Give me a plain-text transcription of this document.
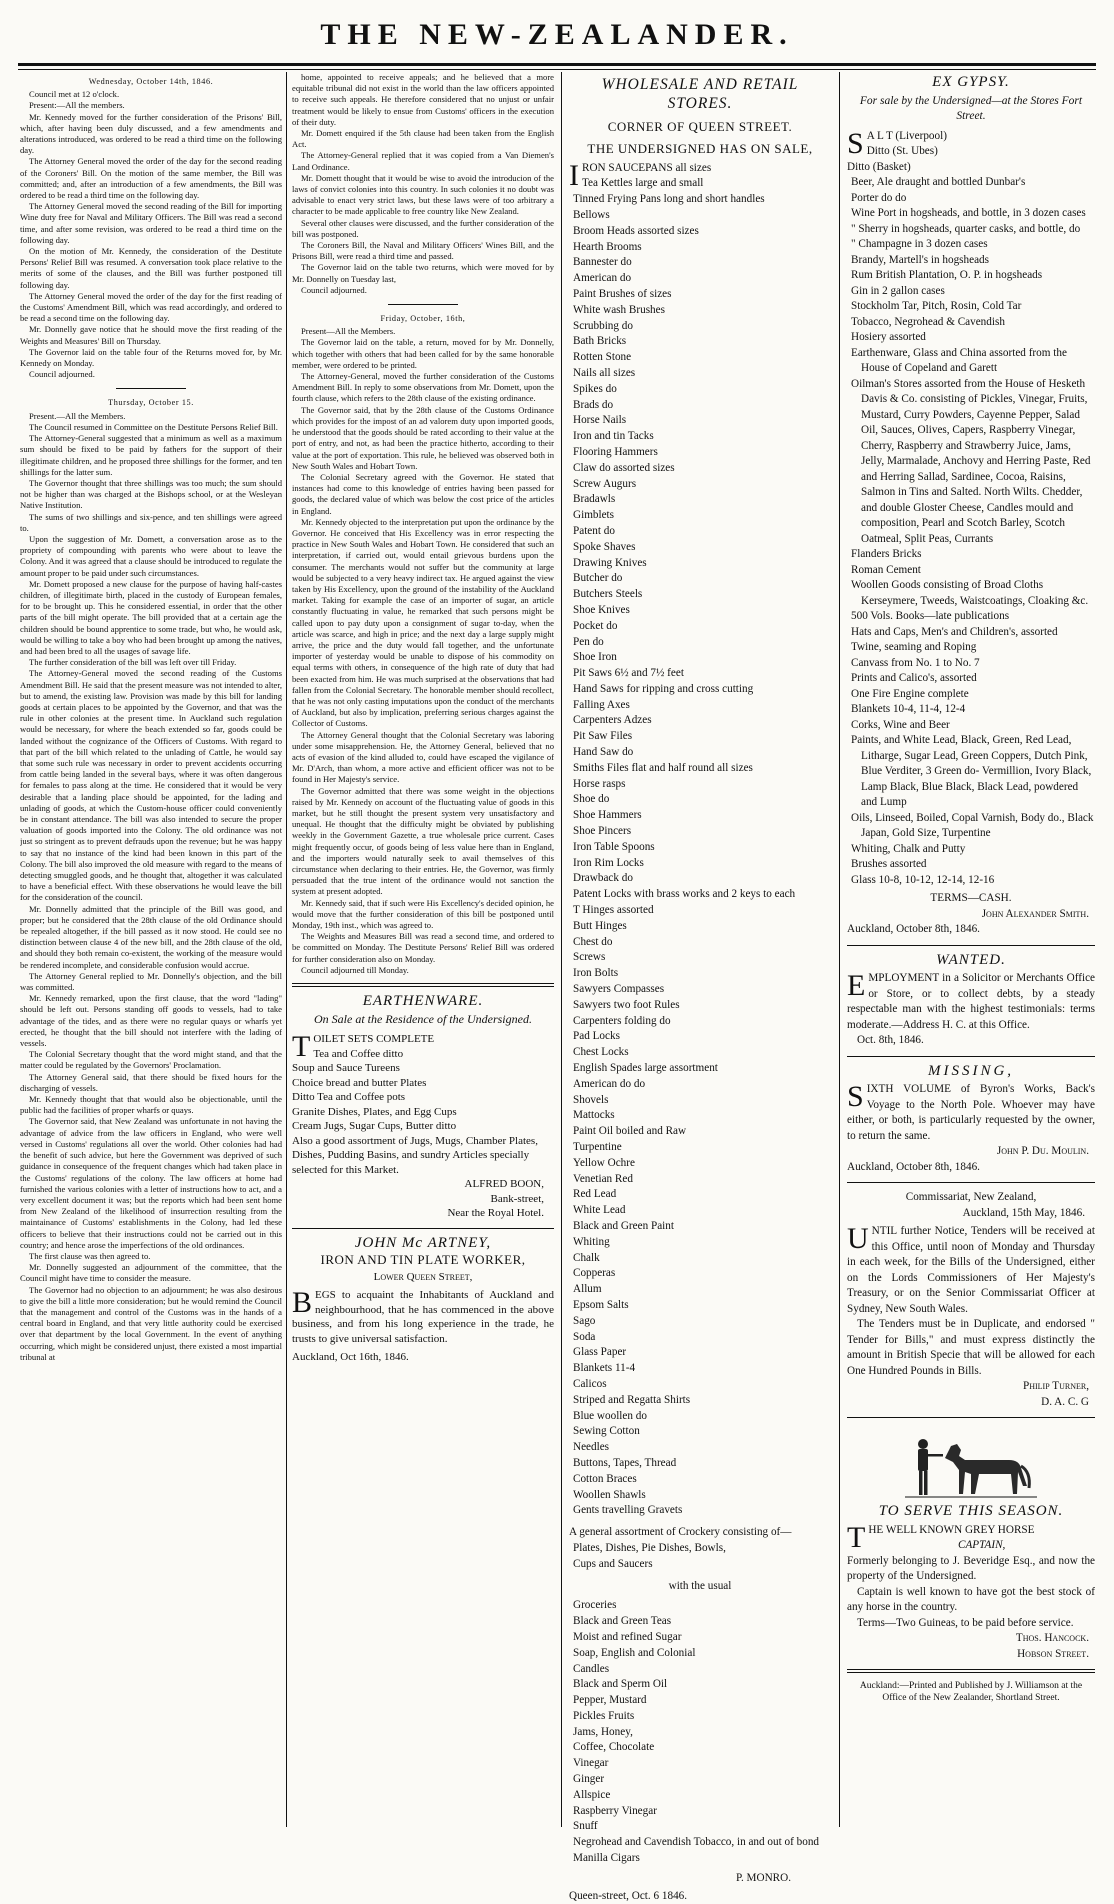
THE NEW-ZEALANDER.
Wednesday, October 14th, 1846.

Council met at 12 o'clock.

Present:—All the members.

Mr. Kennedy moved for the further consideration of the Prisons' Bill, which, after having been duly discussed, and a few amendments and alterations introduced, was ordered to be read a third time on the following day.

The Attorney General moved the order of the day for the second reading of the Coroners' Bill. On the motion of the same member, the Bill was committed; and, after an introduction of a few amendments, the Bill was ordered to be read a third time on the following day.

The Attorney General moved the second reading of the Bill for importing Wine duty free for Naval and Military Officers. The Bill was read a second time, and after some revision, was ordered to be read a third time on the following day.

On the motion of Mr. Kennedy, the consideration of the Destitute Persons' Relief Bill was resumed. A conversation took place relative to the merits of some of the clauses, and the Bill was further postponed till following day.

The Attorney General moved the order of the day for the first reading of the Customs' Amendment Bill, which was read accordingly, and ordered to be read a second time on the following day.

Mr. Donnelly gave notice that he should move the first reading of the Weights and Measures' Bill on Thursday.

The Governor laid on the table four of the Returns moved for, by Mr. Kennedy on Monday.

Council adjourned.

Thursday, October 15.

Present.—All the Members.

The Council resumed in Committee on the Destitute Persons Relief Bill.

The Attorney-General suggested that a minimum as well as a maximum sum should be fixed to be paid by fathers for the support of their illegitimate children, and he proposed three shillings for the former, and ten shillings for the latter sum.

The Governor thought that three shillings was too much; the sum should not be higher than was charged at the Bishops school, or at the Wesleyan Native Institution.

The sums of two shillings and six-pence, and ten shillings were agreed to.

Upon the suggestion of Mr. Domett, a conversation arose as to the propriety of compounding with parents who were about to leave the Colony. And it was agreed that a clause should be introduced to regulate the amount proper to be paid under such circumstances.

Mr. Domett proposed a new clause for the purpose of having half-castes children, of illegitimate birth, placed in the custody of European females, for to be brought up. This he considered essential, in order that the other parts of the bill might operate. The bill provided that at a certain age the children should be bound apprentice to some trade, but who, he would ask, would be willing to take a boy who had been brought up among the natives, and had been bred to all the usages of savage life.

The further consideration of the bill was left over till Friday.

The Attorney-General moved the second reading of the Customs Amendment Bill. He said that the present measure was not intended to alter, but to amend, the existing law. Provision was made by this bill for landing goods at certain places to be appointed by the Governor, and that was the rule in other colonies at the present time. In Auckland such regulation would be necessary, for where the beach extended so far, goods could be landed without the cognizance of the Officers of Customs. With regard to that part of the bill which related to the unlading of Cattle, he would say that some such rule was necessary in order to prevent accidents occurring from cattle being landed in the several bays, where it was often dangerous for females to pass along at the time. He considered that it would be very desirable that a landing place should be appointed, for the lading and unlading of goods, at which the Custom-house officer could conveniently be in constant attendance. The bill was also intended to secure the proper valuation of goods imported into the Colony. The old ordinance was not just so stringent as to prevent defrauds upon the revenue; but he was happy to say that no instance of the kind had been known in this part of the Colony. The bill also improved the old measure with regard to the means of detecting smuggled goods, and he thought that, altogether it was calculated to have a beneficial effect. With these observations he would leave the bill for the consideration of the council.

Mr. Donnelly admitted that the principle of the Bill was good, and proper; but he considered that the 28th clause of the old Ordinance should be repealed altogether, if the bill passed as it now stood. He could see no distinction between clause 4 of the new bill, and the 28th clause of the old, and should they both remain co-existent, the working of the measure would be rendered incomplete, and considerable confusion would accrue.

The Attorney General replied to Mr. Donnelly's objection, and the bill was committed.

Mr. Kennedy remarked, upon the first clause, that the word "lading" should be left out. Persons standing off goods to vessels, had to take advantage of the tides, and as there were no regular quays or wharfs yet erected, he thought that the bill should not interfere with the lading of vessels.

The Colonial Secretary thought that the word might stand, and that the matter could be regulated by the Governors' Proclamation.

The Attorney General said, that there should be fixed hours for the discharging of vessels.

Mr. Kennedy thought that that would also be objectionable, until the public had the facilities of proper wharfs or quays.

The Governor said, that New Zealand was unfortunate in not having the advantage of advice from the law officers in England, who were well versed in Customs' regulations all over the world. Other colonies had had the benefit of such advice, but here the Government was deprived of such guidance in consequence of the frequent changes which had taken place in the Customs' regulations of the colony. The law officers at home had furnished the various colonies with a letter of instructions how to act, and a very excellent document it was; but the reports which had been sent home from New Zealand of the likelihood of insurrection resulting from the maintainance of Customs' establishments in the Colony, had led these officers to believe that their instructions could not be carried out in this country; and hence arose the imperfections of the old ordinances.

The first clause was then agreed to.

Mr. Donnelly suggested an adjournment of the committee, that the Council might have time to consider the measure.

The Governor had no objection to an adjournment; he was also desirous to give the bill a little more consideration; but he would remind the Council that the management and control of the Customs was in the hands of a central board in England, and that very little authority could be exercised over that department by the local Government. In the event of anything occurring, which might be considered unjust, there existed a most impartial tribunal at

home, appointed to receive appeals; and he believed that a more equitable tribunal did not exist in the world than the law officers appointed to receive such appeals. He therefore considered that no unjust or unfair treatment would be likely to ensue from Customs' officers in the execution of their duty.

Mr. Domett enquired if the 5th clause had been taken from the English Act.

The Attorney-General replied that it was copied from a Van Diemen's Land Ordinance.

Mr. Domett thought that it would be wise to avoid the introducion of the laws of convict colonies into this country. In such colonies it no doubt was advisable to enact very strict laws, but these laws were of too arbitrary a character to be made applicable to free country like New Zealand.

Several other clauses were discussed, and the further consideration of the bill was postponed.

The Coroners Bill, the Naval and Military Officers' Wines Bill, and the Prisons Bill, were read a third time and passed.

The Governor laid on the table two returns, which were moved for by Mr. Donnelly on Tuesday last,

Council adjourned.

Friday, October, 16th,

Present—All the Members.

The Governor laid on the table, a return, moved for by Mr. Donnelly, which together with others that had been called for by the same honorable member, were ordered to be printed.

The Attorney-General, moved the further consideration of the Customs Amendment Bill. In reply to some observations from Mr. Domett, upon the fourth clause, which refers to the 28th clause of the existing ordinance.

The Governor said, that by the 28th clause of the Customs Ordinance which provides for the impost of an ad valorem duty upon imported goods, he understood that the goods should be rated according to their value at the port of entry, and not, as had been the practice hitherto, according to their value at the port of exportation. This rule, he believed was observed both in New South Wales and Hobart Town.

The Colonial Secretary agreed with the Governor. He stated that instances had come to this knowledge of entries having been passed for goods, the declared value of which was below the cost price of the articles in England.

Mr. Kennedy objected to the interpretation put upon the ordinance by the Governor. He conceived that His Excellency was in error respecting the practice in New South Wales and Hobart Town. He considered that such an interpretation, if carried out, would entail grievous burdens upon the consumer. The merchants would not suffer but the community at large would be subjected to a very heavy indirect tax. He argued against the view taken by His Excellency, upon the ground of the instability of the Auckland market. Taking for example the case of an importer of sugar, an article constantly fluctuating in value, he remarked that such persons might be called upon to pay duty upon a consignment of sugar to-day, when the article was scarce, and high in price; and the next day a large supply might arrive, the price and the duty would fall together, and the unfortunate importer of yesterday would be unable to dispose of his commodity on equal terms with others, in consequence of the high rate of duty that had been exacted from him. He was much surprised at the observations that had fallen from the Colonial Secretary. The honorable member should recollect, that he was not only casting imputations upon the conduct of the merchants of Auckland, but also by implication, preferring serious charges against the Collector of Customs.

The Attorney General thought that the Colonial Secretary was laboring under some misapprehension. He, the Attorney General, believed that no acts of evasion of the kind alluded to, could have escaped the vigilance of Mr. D'Arch, than whom, a more active and efficient officer was not to be found in Her Majesty's service.

The Governor admitted that there was some weight in the objections raised by Mr. Kennedy on account of the fluctuating value of goods in this market, but he still thought the present system very unsatisfactory and unequal. He thought that the difficulty might be obviated by publishing weekly in the Government Gazette, a true wholesale price current. Cases might frequently occur, of goods being of less value here than in England, and the importers would naturally seek to avail themselves of this circumstance when declaring to their entries. He, the Governor, was firmly persuaded that the true intent of the ordinance would not sanction the system at present adopted.

Mr. Kennedy said, that if such were His Excellency's decided opinion, he would move that the further consideration of this bill be postponed until Monday, 19th inst., which was agreed to.

The Weights and Measures Bill was read a second time, and ordered to be committed on Monday. The Destitute Persons' Relief Bill was ordered for further consideration also on Monday.

Council adjourned till Monday.

EARTHENWARE.
On Sale at the Residence of the Undersigned.
T OILET SETS COMPLETE
Tea and Coffee ditto
Soup and Sauce Tureens
Choice bread and butter Plates
Ditto Tea and Coffee pots
Granite Dishes, Plates, and Egg Cups
Cream Jugs, Sugar Cups, Butter ditto
Also a good assortment of Jugs, Mugs, Chamber Plates, Dishes, Pudding Basins, and sundry Articles specially selected for this Market.
ALFRED BOON,
Bank-street,
Near the Royal Hotel.
JOHN Mc ARTNEY,
IRON AND TIN PLATE WORKER,
Lower Queen Street,
B EGS to acquaint the Inhabitants of Auckland and neighbourhood, that he has commenced in the above business, and from his long experience in the trade, he trusts to give universal satisfaction.
Auckland, Oct 16th, 1846.
WHOLESALE AND RETAIL STORES.
CORNER OF QUEEN STREET.
THE UNDERSIGNED HAS ON SALE,
I RON SAUCEPANS all sizes
Tea Kettles large and small
Tinned Frying Pans long and short handles
Bellows
Broom Heads assorted sizes
Hearth Brooms
Bannester do
American do
Paint Brushes of sizes
White wash Brushes
Scrubbing do
Bath Bricks
Rotten Stone
Nails all sizes
Spikes do
Brads do
Horse Nails
Iron and tin Tacks
Flooring Hammers
Claw do assorted sizes
Screw Augurs
Bradawls
Gimblets
Patent do
Spoke Shaves
Drawing Knives
Butcher do
Butchers Steels
Shoe Knives
Pocket do
Pen do
Shoe Iron
Pit Saws 6½ and 7½ feet
Hand Saws for ripping and cross cutting
Falling Axes
Carpenters Adzes
Pit Saw Files
Hand Saw do
Smiths Files flat and half round all sizes
Horse rasps
Shoe do
Shoe Hammers
Shoe Pincers
Iron Table Spoons
Iron Rim Locks
Drawback do
Patent Locks with brass works and 2 keys to each
T Hinges assorted
Butt Hinges
Chest do
Screws
Iron Bolts
Sawyers Compasses
Sawyers two foot Rules
Carpenters folding do
Pad Locks
Chest Locks
English Spades large assortment
American do do
Shovels
Mattocks
Paint Oil boiled and Raw
Turpentine
Yellow Ochre
Venetian Red
Red Lead
White Lead
Black and Green Paint
Whiting
Chalk
Copperas
Allum
Epsom Salts
Sago
Soda
Glass Paper
Blankets 11-4
Calicos
Striped and Regatta Shirts
Blue woollen do
Sewing Cotton
Needles
Buttons, Tapes, Thread
Cotton Braces
Woollen Shawls
Gents travelling Gravets
A general assortment of Crockery consisting of—
Plates, Dishes, Pie Dishes, Bowls,
Cups and Saucers
with the usual
Groceries
Black and Green Teas
Moist and refined Sugar
Soap, English and Colonial
Candles
Black and Sperm Oil
Pepper, Mustard
Pickles Fruits
Jams, Honey,
Coffee, Chocolate
Vinegar
Ginger
Allspice
Raspberry Vinegar
Snuff
Negrohead and Cavendish Tobacco, in and out of bond
Manilla Cigars
P. MONRO.
Queen-street, Oct. 6 1846.
EX GYPSY.
For sale by the Undersigned—at the Stores Fort Street.
S A L T (Liverpool)
Ditto (St. Ubes)
Ditto (Basket)
Beer, Ale draught and bottled Dunbar's
Porter do do
Wine Port in hogsheads, and bottle, in 3 dozen cases
" Sherry in hogsheads, quarter casks, and bottle, do
" Champagne in 3 dozen cases
Brandy, Martell's in hogsheads
Rum British Plantation, O. P. in hogsheads
Gin in 2 gallon cases
Stockholm Tar, Pitch, Rosin, Cold Tar
Tobacco, Negrohead & Cavendish
Hosiery assorted
Earthenware, Glass and China assorted from the House of Copeland and Garett
Oilman's Stores assorted from the House of Hesketh Davis & Co. consisting of Pickles, Vinegar, Fruits, Mustard, Curry Powders, Cayenne Pepper, Salad Oil, Sauces, Olives, Capers, Raspberry Vinegar, Cherry, Raspberry and Strawberry Juice, Jams, Jelly, Marmalade, Anchovy and Herring Paste, Red and Herring Sallad, Sardinee, Cocoa, Raisins, Salmon in Tins and Salted. North Wilts. Chedder, and double Gloster Cheese, Candles mould and composition, Pearl and Scotch Barley, Scotch Oatmeal, Split Peas, Currants
Flanders Bricks
Roman Cement
Woollen Goods consisting of Broad Cloths Kerseymere, Tweeds, Waistcoatings, Cloaking &c.
500 Vols. Books—late publications
Hats and Caps, Men's and Children's, assorted
Twine, seaming and Roping
Canvass from No. 1 to No. 7
Prints and Calico's, assorted
One Fire Engine complete
Blankets 10-4, 11-4, 12-4
Corks, Wine and Beer
Paints, and White Lead, Black, Green, Red Lead, Litharge, Sugar Lead, Green Coppers, Dutch Pink, Blue Verditer, 3 Green do- Vermillion, Ivory Black, Lamp Black, Blue Black, Black Lead, powdered and Lump
Oils, Linseed, Boiled, Copal Varnish, Body do., Black Japan, Gold Size, Turpentine
Whiting, Chalk and Putty
Brushes assorted
Glass 10-8, 10-12, 12-14, 12-16
TERMS—CASH.
John Alexander Smith.
Auckland, October 8th, 1846.
WANTED.
E MPLOYMENT in a Solicitor or Merchants Office or Store, or to collect debts, by a steady respectable man with the highest testimonials: terms moderate.—Address H. C. at this Office.
Oct. 8th, 1846.
MISSING,
S IXTH VOLUME of Byron's Works, Back's Voyage to the North Pole. Whoever may have either, or both, is particularly requested by the owner, to return the same.
John P. Du. Moulin.
Auckland, October 8th, 1846.
Commissariat, New Zealand,
Auckland, 15th May, 1846.
U NTIL further Notice, Tenders will be received at this Office, until noon of Monday and Thursday in each week, for the Bills of the Undersigned, either on the Lords Commissioners of Her Majesty's Treasury, or on the Senior Commissariat Officer at Sydney, New South Wales.
The Tenders must be in Duplicate, and endorsed " Tender for Bills," and must express distinctly the amount in British Specie that will be allowed for each One Hundred Pounds in Bills.
Philip Turner,
D. A. C. G
TO SERVE THIS SEASON.
T HE WELL KNOWN GREY HORSE
CAPTAIN,
Formerly belonging to J. Beveridge Esq., and now the property of the Undersigned.
Captain is well known to have got the best stock of any horse in the country.
Terms—Two Guineas, to be paid before service.
Thos. Hancock.
Hobson Street.
Auckland:—Printed and Published by J. Williamson at the Office of the New Zealander, Shortland Street.
